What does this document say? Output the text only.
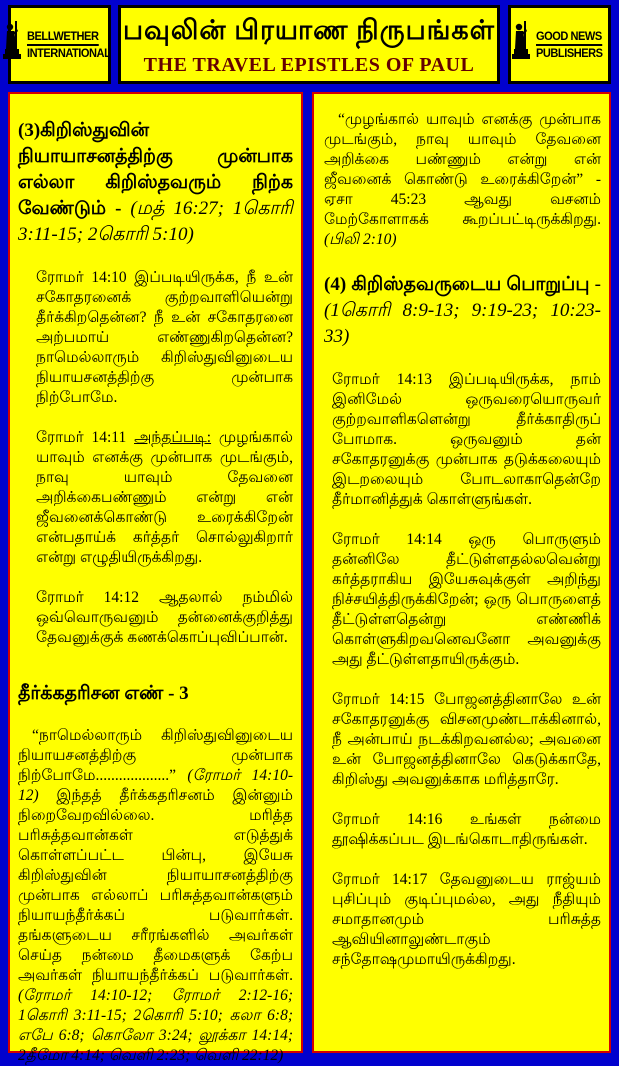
BELLWETHER
INTERNATIONAL
பவுலின் பிரயாண நிருபங்கள்
THE TRAVEL EPISTLES OF PAUL
GOOD NEWS
PUBLISHERS

(3)கிறிஸ்துவின் நியாயாசனத்திற்கு முன்பாக எல்லா கிறிஸ்தவரும் நிற்க வேண்டும் - (மத் 16:27; 1கொரி 3:11-15; 2கொரி 5:10)

ரோமர் 14:10 இப்படியிருக்க, நீ உன் சகோதரனைக் குற்றவாளியென்று தீர்க்கிறதென்ன? நீ உன் சகோதரனை அற்பமாய் எண்ணுகிறதென்ன? நாமெல்லாரும் கிறிஸ்துவினுடைய நியாயசனத்திற்கு முன்பாக நிற்போமே.

ரோமர் 14:11 அந்தப்படி: முழங்கால் யாவும் எனக்கு முன்பாக முடங்கும், நாவு யாவும் தேவனை அறிக்கைபண்ணும் என்று என் ஜீவனைக்கொண்டு உரைக்கிறேன் என்பதாய்க் கர்த்தர் சொல்லுகிறார் என்று எழுதியிருக்கிறது.

ரோமர் 14:12 ஆதலால் நம்மில் ஒவ்வொருவனும் தன்னைக்குறித்து தேவனுக்குக் கணக்கொப்புவிப்பான்.

தீர்க்கதரிசன எண் - 3

“நாமெல்லாரும் கிறிஸ்துவினுடைய நியாயசனத்திற்கு முன்பாக நிற்போமே...................” (ரோமர் 14:10-12) இந்தத் தீர்க்கதரிசனம் இன்னும் நிறைவேறவில்லை. மரித்த பரிசுத்தவான்கள் எடுத்துக் கொள்ளப்பட்ட பின்பு, இயேசு கிறிஸ்துவின் நியாயாசனத்திற்கு முன்பாக எல்லாப் பரிசுத்தவான்களும் நியாயந்தீர்க்கப் படுவார்கள். தங்களுடைய சரீரங்களில் அவர்கள் செய்த நன்மை தீமைகளுக் கேற்ப அவர்கள் நியாயந்தீர்க்கப் படுவார்கள். (ரோமர் 14:10-12; ரோமர் 2:12-16; 1கொரி 3:11-15; 2கொரி 5:10; கலா 6:8; எபே 6:8; கொலோ 3:24; லூக்கா 14:14; 2தீமோ 4:14; வெளி 2:23; வெளி 22:12)

“முழங்கால் யாவும் எனக்கு முன்பாக முடங்கும், நாவு யாவும் தேவனை அறிக்கை பண்ணும் என்று என் ஜீவனைக் கொண்டு உரைக்கிறேன்” - ஏசா 45:23 ஆவது வசனம் மேற்கோளாகக் கூறப்பட்டிருக்கிறது. (பிலி 2:10)

(4) கிறிஸ்தவருடைய பொறுப்பு - (1கொரி 8:9-13; 9:19-23; 10:23-33)

ரோமர் 14:13 இப்படியிருக்க, நாம் இனிமேல் ஒருவரையொருவர் குற்றவாளிகளென்று தீர்க்காதிருப் போமாக. ஒருவனும் தன் சகோதரனுக்கு முன்பாக தடுக்கலையும் இடறலையும் போடலாகாதென்றே தீர்மானித்துக் கொள்ளுங்கள்.

ரோமர் 14:14 ஒரு பொருளும் தன்னிலே தீட்டுள்ளதல்லவென்று கர்த்தராகிய இயேசுவுக்குள் அறிந்து நிச்சயித்திருக்கிறேன்; ஒரு பொருளைத் தீட்டுள்ளதென்று எண்ணிக் கொள்ளுகிறவனெவனோ அவனுக்கு அது தீட்டுள்ளதாயிருக்கும்.

ரோமர் 14:15 போஜனத்தினாலே உன் சகோதரனுக்கு விசனமுண்டாக்கினால், நீ அன்பாய் நடக்கிறவனல்ல; அவனை உன் போஜனத்தினாலே கெடுக்காதே, கிறிஸ்து அவனுக்காக மரித்தாரே.

ரோமர் 14:16 உங்கள் நன்மை தூஷிக்கப்பட இடங்கொடாதிருங்கள்.

ரோமர் 14:17 தேவனுடைய ராஜ்யம் புசிப்பும் குடிப்புமல்ல, அது நீதியும் சமாதானமும் பரிசுத்த ஆவியினாலுண்டாகும் சந்தோஷமுமாயிருக்கிறது.
